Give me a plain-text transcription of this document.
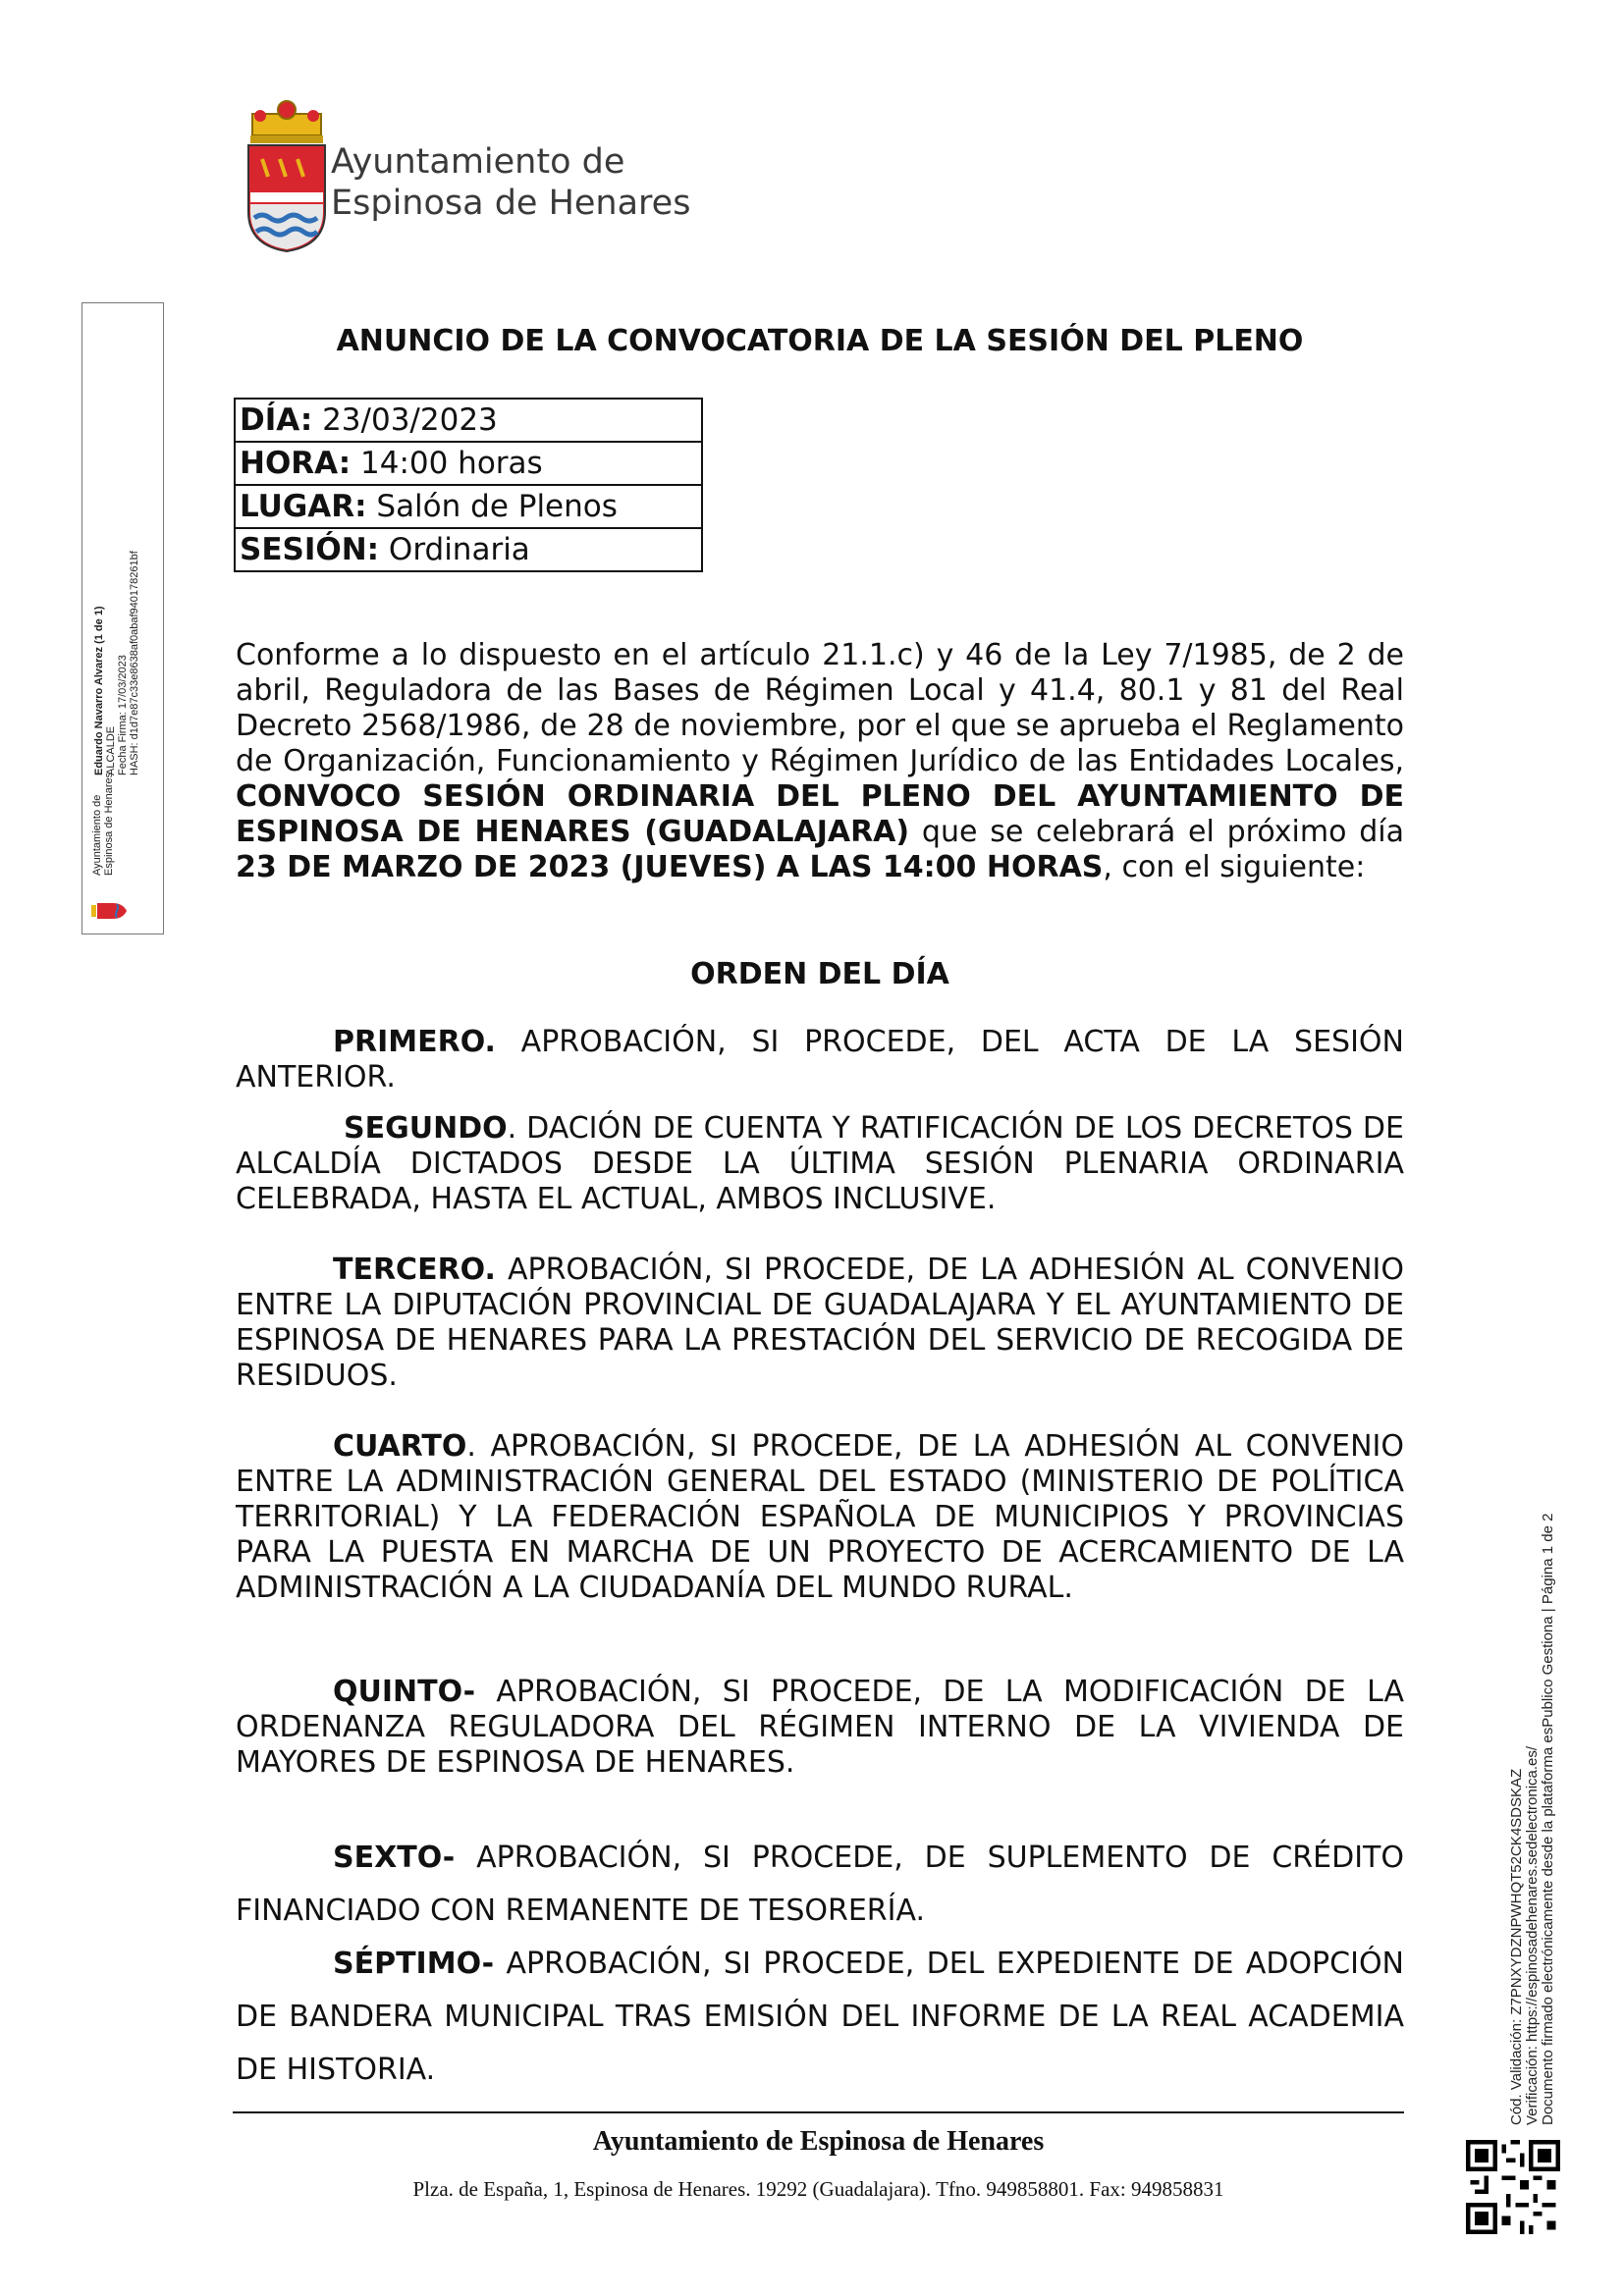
Ayuntamiento de
Espinosa de Henares
Ayuntamiento de Espinosa de Henares
Eduardo Navarro Alvarez (1 de 1) ALCALDE Fecha Firma: 17/03/2023 HASH: d1d7e87c33e8638af0abaf940178261bf
ANUNCIO DE LA CONVOCATORIA DE LA SESIÓN DEL PLENO
DÍA: 23/03/2023
HORA: 14:00 horas
LUGAR: Salón de Plenos
SESIÓN: Ordinaria
Conforme a lo dispuesto en el artículo 21.1.c) y 46 de la Ley 7/1985, de 2 de abril, Reguladora de las Bases de Régimen Local y 41.4, 80.1 y 81 del Real Decreto 2568/1986, de 28 de noviembre, por el que se aprueba el Reglamento de Organización, Funcionamiento y Régimen Jurídico de las Entidades Locales, CONVOCO SESIÓN ORDINARIA DEL PLENO DEL AYUNTAMIENTO DE ESPINOSA DE HENARES (GUADALAJARA) que se celebrará el próximo día 23 DE MARZO DE 2023 (JUEVES) A LAS 14:00 HORAS, con el siguiente:
ORDEN DEL DÍA
PRIMERO. APROBACIÓN, SI PROCEDE, DEL ACTA DE LA SESIÓN ANTERIOR.
SEGUNDO. DACIÓN DE CUENTA Y RATIFICACIÓN DE LOS DECRETOS DE ALCALDÍA DICTADOS DESDE LA ÚLTIMA SESIÓN PLENARIA ORDINARIA CELEBRADA, HASTA EL ACTUAL, AMBOS INCLUSIVE.
TERCERO. APROBACIÓN, SI PROCEDE, DE LA ADHESIÓN AL CONVENIO ENTRE LA DIPUTACIÓN PROVINCIAL DE GUADALAJARA Y EL AYUNTAMIENTO DE ESPINOSA DE HENARES PARA LA PRESTACIÓN DEL SERVICIO DE RECOGIDA DE RESIDUOS.
CUARTO. APROBACIÓN, SI PROCEDE, DE LA ADHESIÓN AL CONVENIO ENTRE LA ADMINISTRACIÓN GENERAL DEL ESTADO (MINISTERIO DE POLÍTICA TERRITORIAL) Y LA FEDERACIÓN ESPAÑOLA DE MUNICIPIOS Y PROVINCIAS PARA LA PUESTA EN MARCHA DE UN PROYECTO DE ACERCAMIENTO DE LA ADMINISTRACIÓN A LA CIUDADANÍA DEL MUNDO RURAL.
QUINTO- APROBACIÓN, SI PROCEDE, DE LA MODIFICACIÓN DE LA ORDENANZA REGULADORA DEL RÉGIMEN INTERNO DE LA VIVIENDA DE MAYORES DE ESPINOSA DE HENARES.
SEXTO- APROBACIÓN, SI PROCEDE, DE SUPLEMENTO DE CRÉDITO FINANCIADO CON REMANENTE DE TESORERÍA.
SÉPTIMO- APROBACIÓN, SI PROCEDE, DEL EXPEDIENTE DE ADOPCIÓN DE BANDERA MUNICIPAL TRAS EMISIÓN DEL INFORME DE LA REAL ACADEMIA DE HISTORIA.
Ayuntamiento de Espinosa de Henares
Plza. de España, 1, Espinosa de Henares. 19292 (Guadalajara). Tfno. 949858801. Fax: 949858831
Cód. Validación: Z7PNXYDZNPWHQT52CK4SDSKAZ Verificación: https://espinosadehenares.sedelectronica.es/ Documento firmado electrónicamente desde la plataforma esPublico Gestiona | Página 1 de 2
